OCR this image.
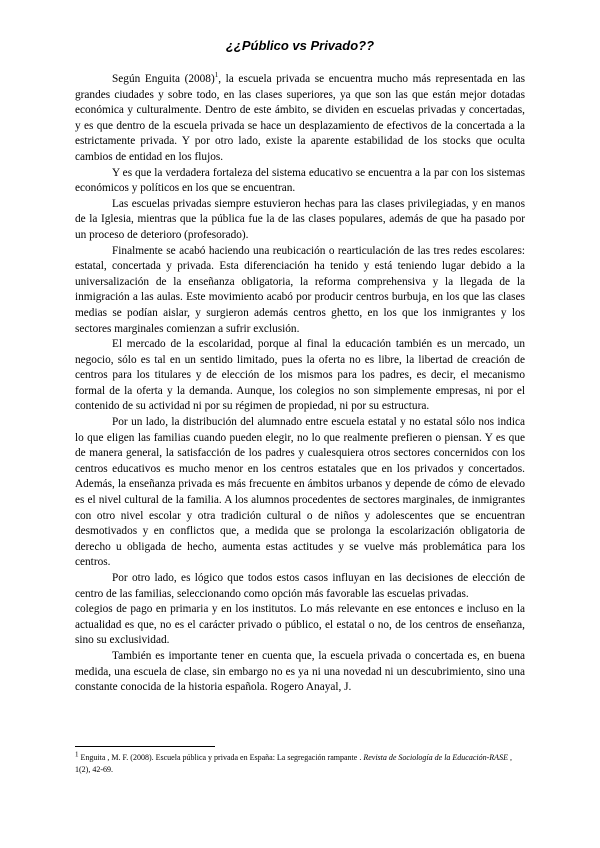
¿¿Público vs Privado??

Según Enguita $(2008)^1$, la escuela privada se encuentra mucho más representada en las grandes ciudades y sobre todo, en las clases superiores, ya que son las que están mejor dotadas económica y culturalmente. Dentro de este ámbito, se dividen en escuelas privadas y concertadas, y es que dentro de la escuela privada se hace un desplazamiento de efectivos de la concertada a la estrictamente privada. Y por otro lado, existe la aparente estabilidad de los stocks que oculta cambios de entidad en los flujos.

Y es que la verdadera fortaleza del sistema educativo se encuentra a la par con los sistemas económicos y políticos en los que se encuentran.

Las escuelas privadas siempre estuvieron hechas para las clases privilegiadas, y en manos de la Iglesia, mientras que la pública fue la de las clases populares, además de que ha pasado por un proceso de deterioro (profesorado).

Finalmente se acabó haciendo una reubicación o rearticulación de las tres redes escolares: estatal, concertada y privada. Esta diferenciación ha tenido y está teniendo lugar debido a la universalización de la enseñanza obligatoria, la reforma comprehensiva y la llegada de la inmigración a las aulas. Este movimiento acabó por producir centros burbuja, en los que las clases medias se podían aislar, y surgieron además centros ghetto, en los que los inmigrantes y los sectores marginales comienzan a sufrir exclusión.

El mercado de la escolaridad, porque al final la educación también es un mercado, un negocio, sólo es tal en un sentido limitado, pues la oferta no es libre, la libertad de creación de centros para los titulares y de elección de los mismos para los padres, es decir, el mecanismo formal de la oferta y la demanda. Aunque, los colegios no son simplemente empresas, ni por el contenido de su actividad ni por su régimen de propiedad, ni por su estructura.

Por un lado, la distribución del alumnado entre escuela estatal y no estatal sólo nos indica lo que eligen las familias cuando pueden elegir, no lo que realmente prefieren o piensan. Y es que de manera general, la satisfacción de los padres y cualesquiera otros sectores concernidos con los centros educativos es mucho menor en los centros estatales que en los privados y concertados. Además, la enseñanza privada es más frecuente en ámbitos urbanos y depende de cómo de elevado es el nivel cultural de la familia. A los alumnos procedentes de sectores marginales, de inmigrantes con otro nivel escolar y otra tradición cultural o de niños y adolescentes que se encuentran desmotivados y en conflictos que, a medida que se prolonga la escolarización obligatoria de derecho u obligada de hecho, aumenta estas actitudes y se vuelve más problemática para los centros.

Por otro lado, es lógico que todos estos casos influyan en las decisiones de elección de centro de las familias, seleccionando como opción más favorable las escuelas privadas.

colegios de pago en primaria y en los institutos. Lo más relevante en ese entonces e incluso en la actualidad es que, no es el carácter privado o público, el estatal o no, de los centros de enseñanza, sino su exclusividad.

También es importante tener en cuenta que, la escuela privada o concertada es, en buena medida, una escuela de clase, sin embargo no es ya ni una novedad ni un descubrimiento, sino una constante conocida de la historia española. Rogero Anayal, J.

$^1$ Enguita , M. F. (2008). Escuela pública y privada en España: La segregación rampante . Revista de Sociología de la Educación-RASE , 1(2), 42-69.
